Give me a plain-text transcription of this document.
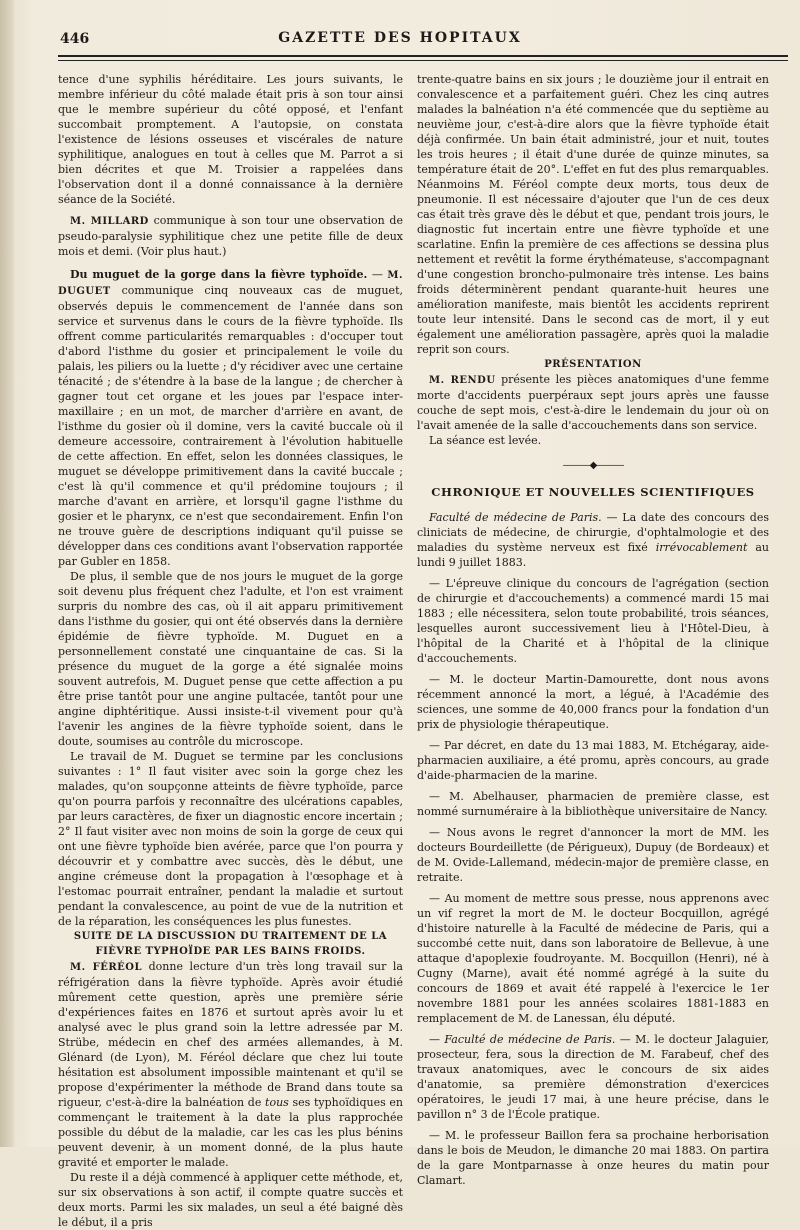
446	GAZETTE DES HOPITAUX

tence d'une syphilis héréditaire. Les jours suivants, le membre inférieur du côté malade était pris à son tour ainsi que le membre supérieur du côté opposé, et l'enfant succombait promptement. A l'autopsie, on constata l'existence de lésions osseuses et viscérales de nature syphilitique, analogues en tout à celles que M. Parrot a si bien décrites et que M. Troisier a rappelées dans l'observation dont il a donné connaissance à la dernière séance de la Société.

M. MILLARD communique à son tour une observation de pseudo-paralysie syphilitique chez une petite fille de deux mois et demi. (Voir plus haut.)

Du muguet de la gorge dans la fièvre typhoïde. — M. DUGUET communique cinq nouveaux cas de muguet, observés depuis le commencement de l'année dans son service et survenus dans le cours de la fièvre typhoïde. Ils offrent comme particularités remarquables : d'occuper tout d'abord l'isthme du gosier et principalement le voile du palais, les piliers ou la luette ; d'y récidiver avec une certaine ténacité ; de s'étendre à la base de la langue ; de chercher à gagner tout cet organe et les joues par l'espace inter-maxillaire ; en un mot, de marcher d'arrière en avant, de l'isthme du gosier où il domine, vers la cavité buccale où il demeure accessoire, contrairement à l'évolution habituelle de cette affection. En effet, selon les données classiques, le muguet se développe primitivement dans la cavité buccale ; c'est là qu'il commence et qu'il prédomine toujours ; il marche d'avant en arrière, et lorsqu'il gagne l'isthme du gosier et le pharynx, ce n'est que secondairement. Enfin l'on ne trouve guère de descriptions indiquant qu'il puisse se développer dans ces conditions avant l'observation rapportée par Gubler en 1858.

De plus, il semble que de nos jours le muguet de la gorge soit devenu plus fréquent chez l'adulte, et l'on est vraiment surpris du nombre des cas, où il ait apparu primitivement dans l'isthme du gosier, qui ont été observés dans la dernière épidémie de fièvre typhoïde. M. Duguet en a personnellement constaté une cinquantaine de cas. Si la présence du muguet de la gorge a été signalée moins souvent autrefois, M. Duguet pense que cette affection a pu être prise tantôt pour une angine pultacée, tantôt pour une angine diphtéritique. Aussi insiste-t-il vivement pour qu'à l'avenir les angines de la fièvre typhoïde soient, dans le doute, soumises au contrôle du microscope.

Le travail de M. Duguet se termine par les conclusions suivantes : 1° Il faut visiter avec soin la gorge chez les malades, qu'on soupçonne atteints de fièvre typhoïde, parce qu'on pourra parfois y reconnaître des ulcérations capables, par leurs caractères, de fixer un diagnostic encore incertain ; 2° Il faut visiter avec non moins de soin la gorge de ceux qui ont une fièvre typhoïde bien avérée, parce que l'on pourra y découvrir et y combattre avec succès, dès le début, une angine crémeuse dont la propagation à l'œsophage et à l'estomac pourrait entraîner, pendant la maladie et surtout pendant la convalescence, au point de vue de la nutrition et de la réparation, les conséquences les plus funestes.

SUITE DE LA DISCUSSION DU TRAITEMENT DE LA FIÈVRE TYPHOÏDE PAR LES BAINS FROIDS.

M. FÉRÉOL donne lecture d'un très long travail sur la réfrigération dans la fièvre typhoïde. Après avoir étudié mûrement cette question, après une première série d'expériences faites en 1876 et surtout après avoir lu et analysé avec le plus grand soin la lettre adressée par M. Strübe, médecin en chef des armées allemandes, à M. Glénard (de Lyon), M. Féréol déclare que chez lui toute hésitation est absolument impossible maintenant et qu'il se propose d'expérimenter la méthode de Brand dans toute sa rigueur, c'est-à-dire la balnéation de tous ses typhoïdiques en commençant le traitement à la date la plus rapprochée possible du début de la maladie, car les cas les plus bénins peuvent devenir, à un moment donné, de la plus haute gravité et emporter le malade.

Du reste il a déjà commencé à appliquer cette méthode, et, sur six observations à son actif, il compte quatre succès et deux morts. Parmi les six malades, un seul a été baigné dès le début, il a pris

trente-quatre bains en six jours ; le douzième jour il entrait en convalescence et a parfaitement guéri. Chez les cinq autres malades la balnéation n'a été commencée que du septième au neuvième jour, c'est-à-dire alors que la fièvre typhoïde était déjà confirmée. Un bain était administré, jour et nuit, toutes les trois heures ; il était d'une durée de quinze minutes, sa température était de 20°. L'effet en fut des plus remarquables. Néanmoins M. Féréol compte deux morts, tous deux de pneumonie. Il est nécessaire d'ajouter que l'un de ces deux cas était très grave dès le début et que, pendant trois jours, le diagnostic fut incertain entre une fièvre typhoïde et une scarlatine. Enfin la première de ces affections se dessina plus nettement et revêtit la forme érythémateuse, s'accompagnant d'une congestion broncho-pulmonaire très intense. Les bains froids déterminèrent pendant quarante-huit heures une amélioration manifeste, mais bientôt les accidents reprirent toute leur intensité. Dans le second cas de mort, il y eut également une amélioration passagère, après quoi la maladie reprit son cours.

PRÉSENTATION

M. RENDU présente les pièces anatomiques d'une femme morte d'accidents puerpéraux sept jours après une fausse couche de sept mois, c'est-à-dire le lendemain du jour où on l'avait amenée de la salle d'accouchements dans son service.

La séance est levée.

———◆———

CHRONIQUE ET NOUVELLES SCIENTIFIQUES

Faculté de médecine de Paris. — La date des concours des cliniciats de médecine, de chirurgie, d'ophtalmologie et des maladies du système nerveux est fixé irrévocablement au lundi 9 juillet 1883.

— L'épreuve clinique du concours de l'agrégation (section de chirurgie et d'accouchements) a commencé mardi 15 mai 1883 ; elle nécessitera, selon toute probabilité, trois séances, lesquelles auront successivement lieu à l'Hôtel-Dieu, à l'hôpital de la Charité et à l'hôpital de la clinique d'accouchements.

— M. le docteur Martin-Damourette, dont nous avons récemment annoncé la mort, a légué, à l'Académie des sciences, une somme de 40,000 francs pour la fondation d'un prix de physiologie thérapeutique.

— Par décret, en date du 13 mai 1883, M. Etchégaray, aide-pharmacien auxiliaire, a été promu, après concours, au grade d'aide-pharmacien de la marine.

— M. Abelhauser, pharmacien de première classe, est nommé surnuméraire à la bibliothèque universitaire de Nancy.

— Nous avons le regret d'annoncer la mort de MM. les docteurs Bourdeillette (de Périgueux), Dupuy (de Bordeaux) et de M. Ovide-Lallemand, médecin-major de première classe, en retraite.

— Au moment de mettre sous presse, nous apprenons avec un vif regret la mort de M. le docteur Bocquillon, agrégé d'histoire naturelle à la Faculté de médecine de Paris, qui a succombé cette nuit, dans son laboratoire de Bellevue, à une attaque d'apoplexie foudroyante. M. Bocquillon (Henri), né à Cugny (Marne), avait été nommé agrégé à la suite du concours de 1869 et avait été rappelé à l'exercice le 1er novembre 1881 pour les années scolaires 1881-1883 en remplacement de M. de Lanessan, élu député.

— Faculté de médecine de Paris. — M. le docteur Jalaguier, prosecteur, fera, sous la direction de M. Farabeuf, chef des travaux anatomiques, avec le concours de six aides d'anatomie, sa première démonstration d'exercices opératoires, le jeudi 17 mai, à une heure précise, dans le pavillon n° 3 de l'École pratique.

— M. le professeur Baillon fera sa prochaine herborisation dans le bois de Meudon, le dimanche 20 mai 1883. On partira de la gare Montparnasse à onze heures du matin pour Clamart.
